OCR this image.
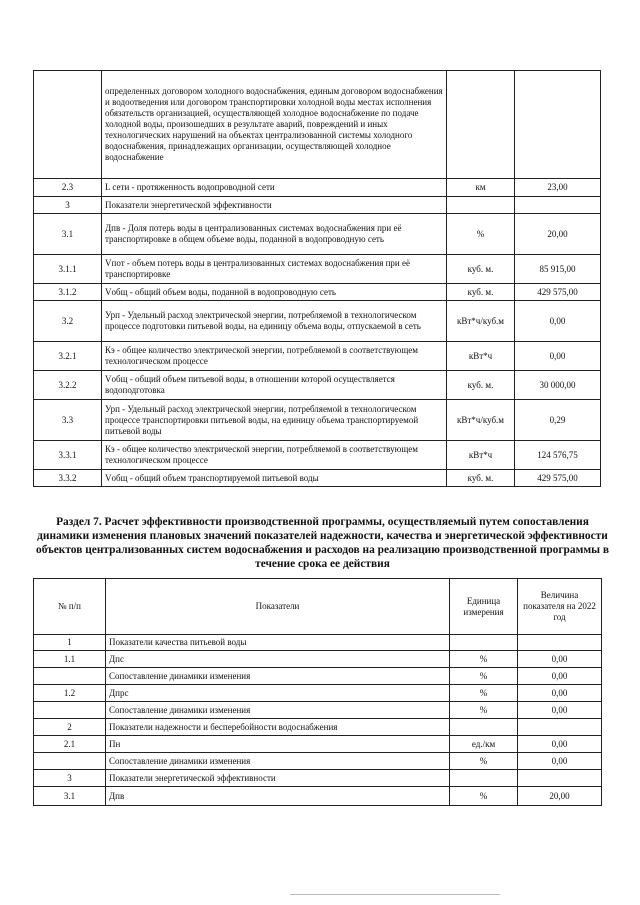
	определенных договором холодного водоснабжения, единым договором водоснабжения и водоотведения или договором транспортировки холодной воды местах исполнения обязательств организацией, осуществляющей холодное водоснабжение по подаче холодной воды, произошедших в результате аварий, повреждений и иных технологических нарушений на объектах централизованной системы холодного водоснабжения, принадлежащих организации, осуществляющей холодное водоснабжение		
2.3	L сети - протяженность водопроводной сети	км	23,00
3	Показатели энергетической эффективности		
3.1	Дпв - Доля потерь воды в централизованных системах водоснабжения при её транспортировке в общем объеме воды, поданной в водопроводную сеть	%	20,00
3.1.1	Vпот - объем потерь воды в централизованных системах водоснабжения при её транспортировке	куб. м.	85 915,00
3.1.2	Vобщ - общий объем воды, поданной в водопроводную сеть	куб. м.	429 575,00
3.2	Урп - Удельный расход электрической энергии, потребляемой в технологическом процессе подготовки питьевой воды, на единицу объема воды, отпускаемой в сеть	кВт*ч/куб.м	0,00
3.2.1	Кэ - общее количество электрической энергии, потребляемой в соответствующем технологическом процессе	кВт*ч	0,00
3.2.2	Vобщ - общий объем питьевой воды, в отношении которой осуществляется водоподготовка	куб. м.	30 000,00
3.3	Урп - Удельный расход электрической энергии, потребляемой в технологическом процессе транспортировки питьевой воды, на единицу объема транспортируемой питьевой воды	кВт*ч/куб.м	0,29
3.3.1	Кэ - общее количество электрической энергии, потребляемой в соответствующем технологическом процессе	кВт*ч	124 576,75
3.3.2	Vобщ - общий объем транспортируемой питьевой воды	куб. м.	429 575,00
Раздел 7. Расчет эффективности производственной программы, осуществляемый путем сопоставления динамики изменения плановых значений показателей надежности, качества и энергетической эффективности объектов централизованных систем водоснабжения и расходов на реализацию производственной программы в течение срока ее действия
№ п/п	Показатели	Единица измерения	Величина показателя на 2022 год
1	Показатели качества питьевой воды		
1.1	Дпс	%	0,00
	Сопоставление динамики изменения	%	0,00
1.2	Дпрс	%	0,00
	Сопоставление динамики изменения	%	0,00
2	Показатели надежности и бесперебойности водоснабжения		
2.1	Пн	ед./км	0,00
	Сопоставление динамики изменения	%	0,00
3	Показатели энергетической эффективности		
3.1	Дпв	%	20,00
